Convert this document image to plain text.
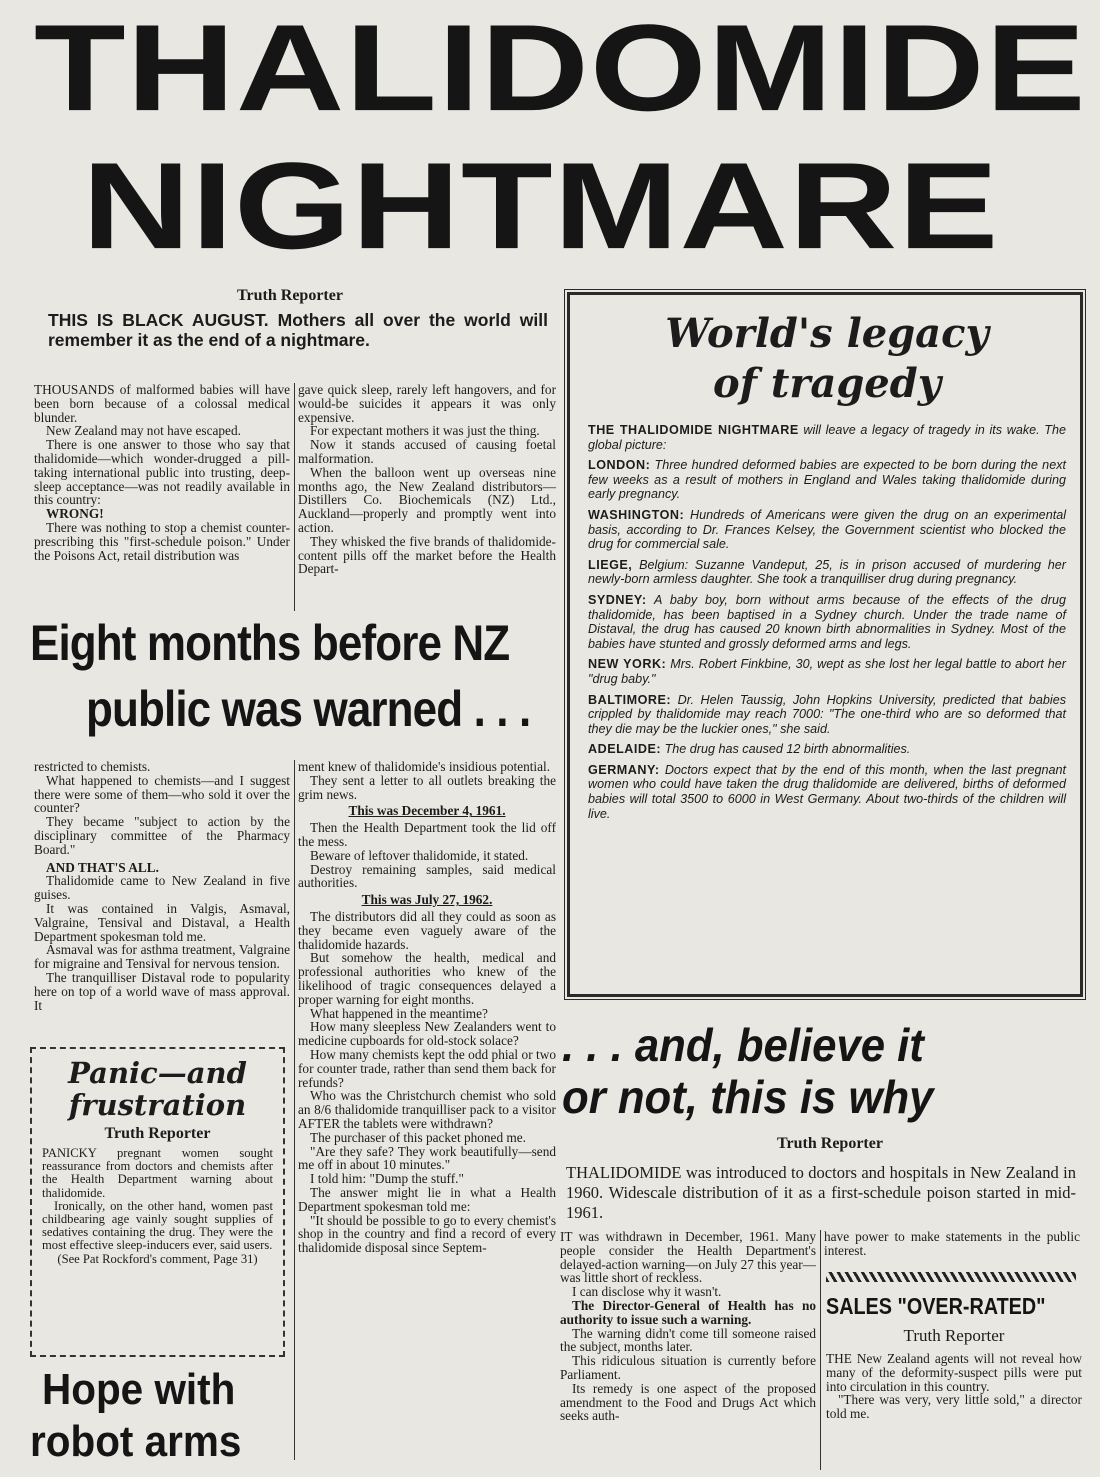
THALIDOMIDE
NIGHTMARE
Truth Reporter
THIS IS BLACK AUGUST. Mothers all over the world will remember it as the end of a nightmare.

THOUSANDS of malformed babies will have been born because of a colossal medical blunder.

New Zealand may not have escaped.

There is one answer to those who say that thalidomide—which wonder-drugged a pill-taking international public into trusting, deep-sleep acceptance—was not readily available in this country:

WRONG!

There was nothing to stop a chemist counter-prescribing this "first-schedule poison." Under the Poisons Act, retail distribution was

gave quick sleep, rarely left hangovers, and for would-be suicides it appears it was only expensive.

For expectant mothers it was just the thing.

Now it stands accused of causing foetal malformation.

When the balloon went up overseas nine months ago, the New Zealand distributors—Distillers Co. Biochemicals (NZ) Ltd., Auckland—properly and promptly went into action.

They whisked the five brands of thalidomide-content pills off the market before the Health Depart-

Eight months before NZ
public was warned . . .

restricted to chemists.

What happened to chemists—and I suggest there were some of them—who sold it over the counter?

They became "subject to action by the disciplinary committee of the Pharmacy Board."

AND THAT'S ALL.

Thalidomide came to New Zealand in five guises.

It was contained in Valgis, Asmaval, Valgraine, Tensival and Distaval, a Health Department spokesman told me.

Asmaval was for asthma treatment, Valgraine for migraine and Tensival for nervous tension.

The tranquilliser Distaval rode to popularity here on top of a world wave of mass approval. It

ment knew of thalidomide's insidious potential.

They sent a letter to all outlets breaking the grim news.

This was December 4, 1961.

Then the Health Department took the lid off the mess.

Beware of leftover thalidomide, it stated.

Destroy remaining samples, said medical authorities.

This was July 27, 1962.

The distributors did all they could as soon as they became even vaguely aware of the thalidomide hazards.

But somehow the health, medical and professional authorities who knew of the likelihood of tragic consequences delayed a proper warning for eight months.

What happened in the meantime?

How many sleepless New Zealanders went to medicine cupboards for old-stock solace?

How many chemists kept the odd phial or two for counter trade, rather than send them back for refunds?

Who was the Christchurch chemist who sold an 8/6 thalidomide tranquilliser pack to a visitor AFTER the tablets were withdrawn?

The purchaser of this packet phoned me.

"Are they safe? They work beautifully—send me off in about 10 minutes."

I told him: "Dump the stuff."

The answer might lie in what a Health Department spokesman told me:

"It should be possible to go to every chemist's shop in the country and find a record of every thalidomide disposal since Septem-

World's legacy
of tragedy

THE THALIDOMIDE NIGHTMARE will leave a legacy of tragedy in its wake. The global picture:

LONDON: Three hundred deformed babies are expected to be born during the next few weeks as a result of mothers in England and Wales taking thalidomide during early pregnancy.

WASHINGTON: Hundreds of Americans were given the drug on an experimental basis, according to Dr. Frances Kelsey, the Government scientist who blocked the drug for commercial sale.

LIEGE, Belgium: Suzanne Vandeput, 25, is in prison accused of murdering her newly-born armless daughter. She took a tranquilliser drug during pregnancy.

SYDNEY: A baby boy, born without arms because of the effects of the drug thalidomide, has been baptised in a Sydney church. Under the trade name of Distaval, the drug has caused 20 known birth abnormalities in Sydney. Most of the babies have stunted and grossly deformed arms and legs.

NEW YORK: Mrs. Robert Finkbine, 30, wept as she lost her legal battle to abort her "drug baby."

BALTIMORE: Dr. Helen Taussig, John Hopkins University, predicted that babies crippled by thalidomide may reach 7000: "The one-third who are so deformed that they die may be the luckier ones," she said.

ADELAIDE: The drug has caused 12 birth abnormalities.

GERMANY: Doctors expect that by the end of this month, when the last pregnant women who could have taken the drug thalidomide are delivered, births of deformed babies will total 3500 to 6000 in West Germany. About two-thirds of the children will live.

Panic—and
frustration
Truth Reporter

PANICKY pregnant women sought reassurance from doctors and chemists after the Health Department warning about thalidomide.

Ironically, on the other hand, women past childbearing age vainly sought supplies of sedatives containing the drug. They were the most effective sleep-inducers ever, said users.

(See Pat Rockford's comment, Page 31)

Hope with
robot arms
. . . and, believe it
or not, this is why
Truth Reporter
THALIDOMIDE was introduced to doctors and hospitals in New Zealand in 1960. Widescale distribution of it as a first-schedule poison started in mid-1961.

IT was withdrawn in December, 1961. Many people consider the Health Department's delayed-action warning—on July 27 this year—was little short of reckless.

I can disclose why it wasn't.

The Director-General of Health has no authority to issue such a warning.

The warning didn't come till someone raised the subject, months later.

This ridiculous situation is currently before Parliament.

Its remedy is one aspect of the proposed amendment to the Food and Drugs Act which seeks auth-

have power to make statements in the public interest.

SALES "OVER-RATED"
Truth Reporter

THE New Zealand agents will not reveal how many of the deformity-suspect pills were put into circulation in this country.

"There was very, very little sold," a director told me.
